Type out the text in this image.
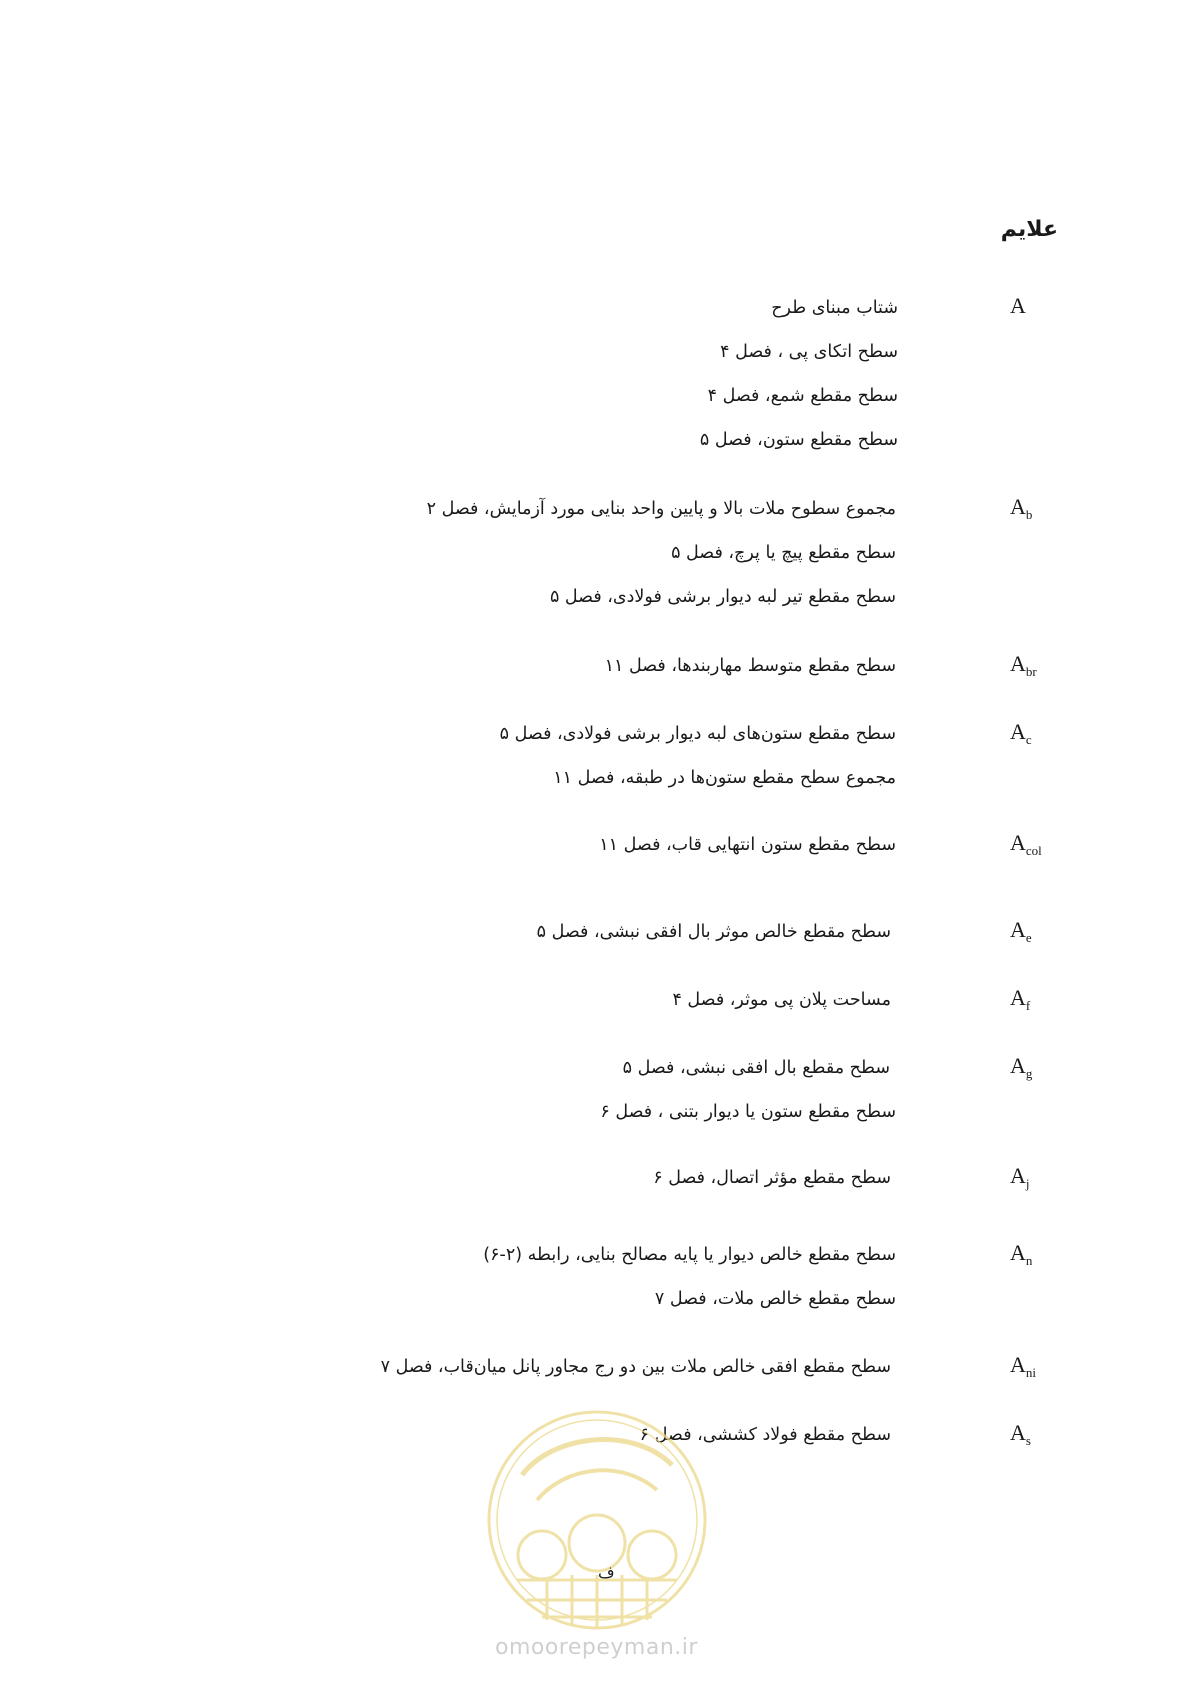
علایم
A
شتاب مبنای طرح
سطح اتکای پی ، فصل ۴
سطح مقطع شمع، فصل ۴
سطح مقطع ستون، فصل ۵
$A_b$
مجموع سطوح ملات بالا و پایین واحد بنایی مورد آزمایش، فصل ۲
سطح مقطع پیچ یا پرچ، فصل ۵
سطح مقطع تیر لبه دیوار برشی فولادی، فصل ۵
$A_{br}$
سطح مقطع متوسط مهاربندها، فصل ۱۱
$A_c$
سطح مقطع ستون‌های لبه دیوار برشی فولادی، فصل ۵
مجموع سطح مقطع ستون‌ها در طبقه، فصل ۱۱
$A_{col}$
سطح مقطع ستون انتهایی قاب، فصل ۱۱
$A_e$
سطح مقطع خالص موثر بال افقی نبشی، فصل ۵
$A_f$
مساحت پلان پی موثر، فصل ۴
$A_g$
سطح مقطع بال افقی نبشی، فصل ۵
سطح مقطع ستون یا دیوار بتنی ، فصل ۶
$A_j$
سطح مقطع مؤثر اتصال، فصل ۶
$A_n$
سطح مقطع خالص دیوار یا پایه مصالح بنایی، رابطه (۲-۶)
سطح مقطع خالص ملات، فصل ۷
$A_{ni}$
سطح مقطع افقی خالص ملات بین دو رج مجاور پانل میان‌قاب، فصل ۷
$A_s$
سطح مقطع فولاد کششی، فصل ۶
ف
omoorepeyman.ir
